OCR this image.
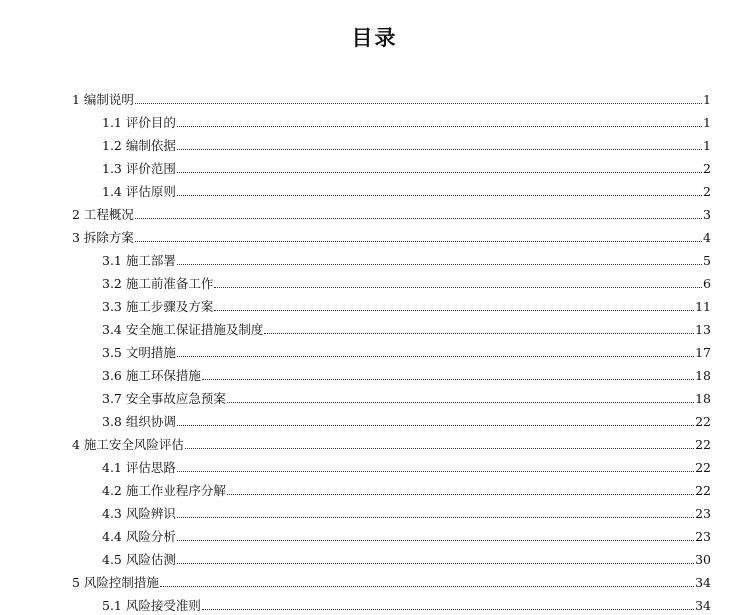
目录
1 编制说明	1
1.1 评价目的	1
1.2 编制依据	1
1.3 评价范围	2
1.4 评估原则	2
2 工程概况	3
3 拆除方案	4
3.1 施工部署	5
3.2 施工前准备工作	6
3.3 施工步骤及方案	11
3.4 安全施工保证措施及制度	13
3.5 文明措施	17
3.6 施工环保措施	18
3.7 安全事故应急预案	18
3.8 组织协调	22
4 施工安全风险评估	22
4.1 评估思路	22
4.2 施工作业程序分解	22
4.3 风险辨识	23
4.4 风险分析	23
4.5 风险估测	30
5 风险控制措施	34
5.1 风险接受准则	34
